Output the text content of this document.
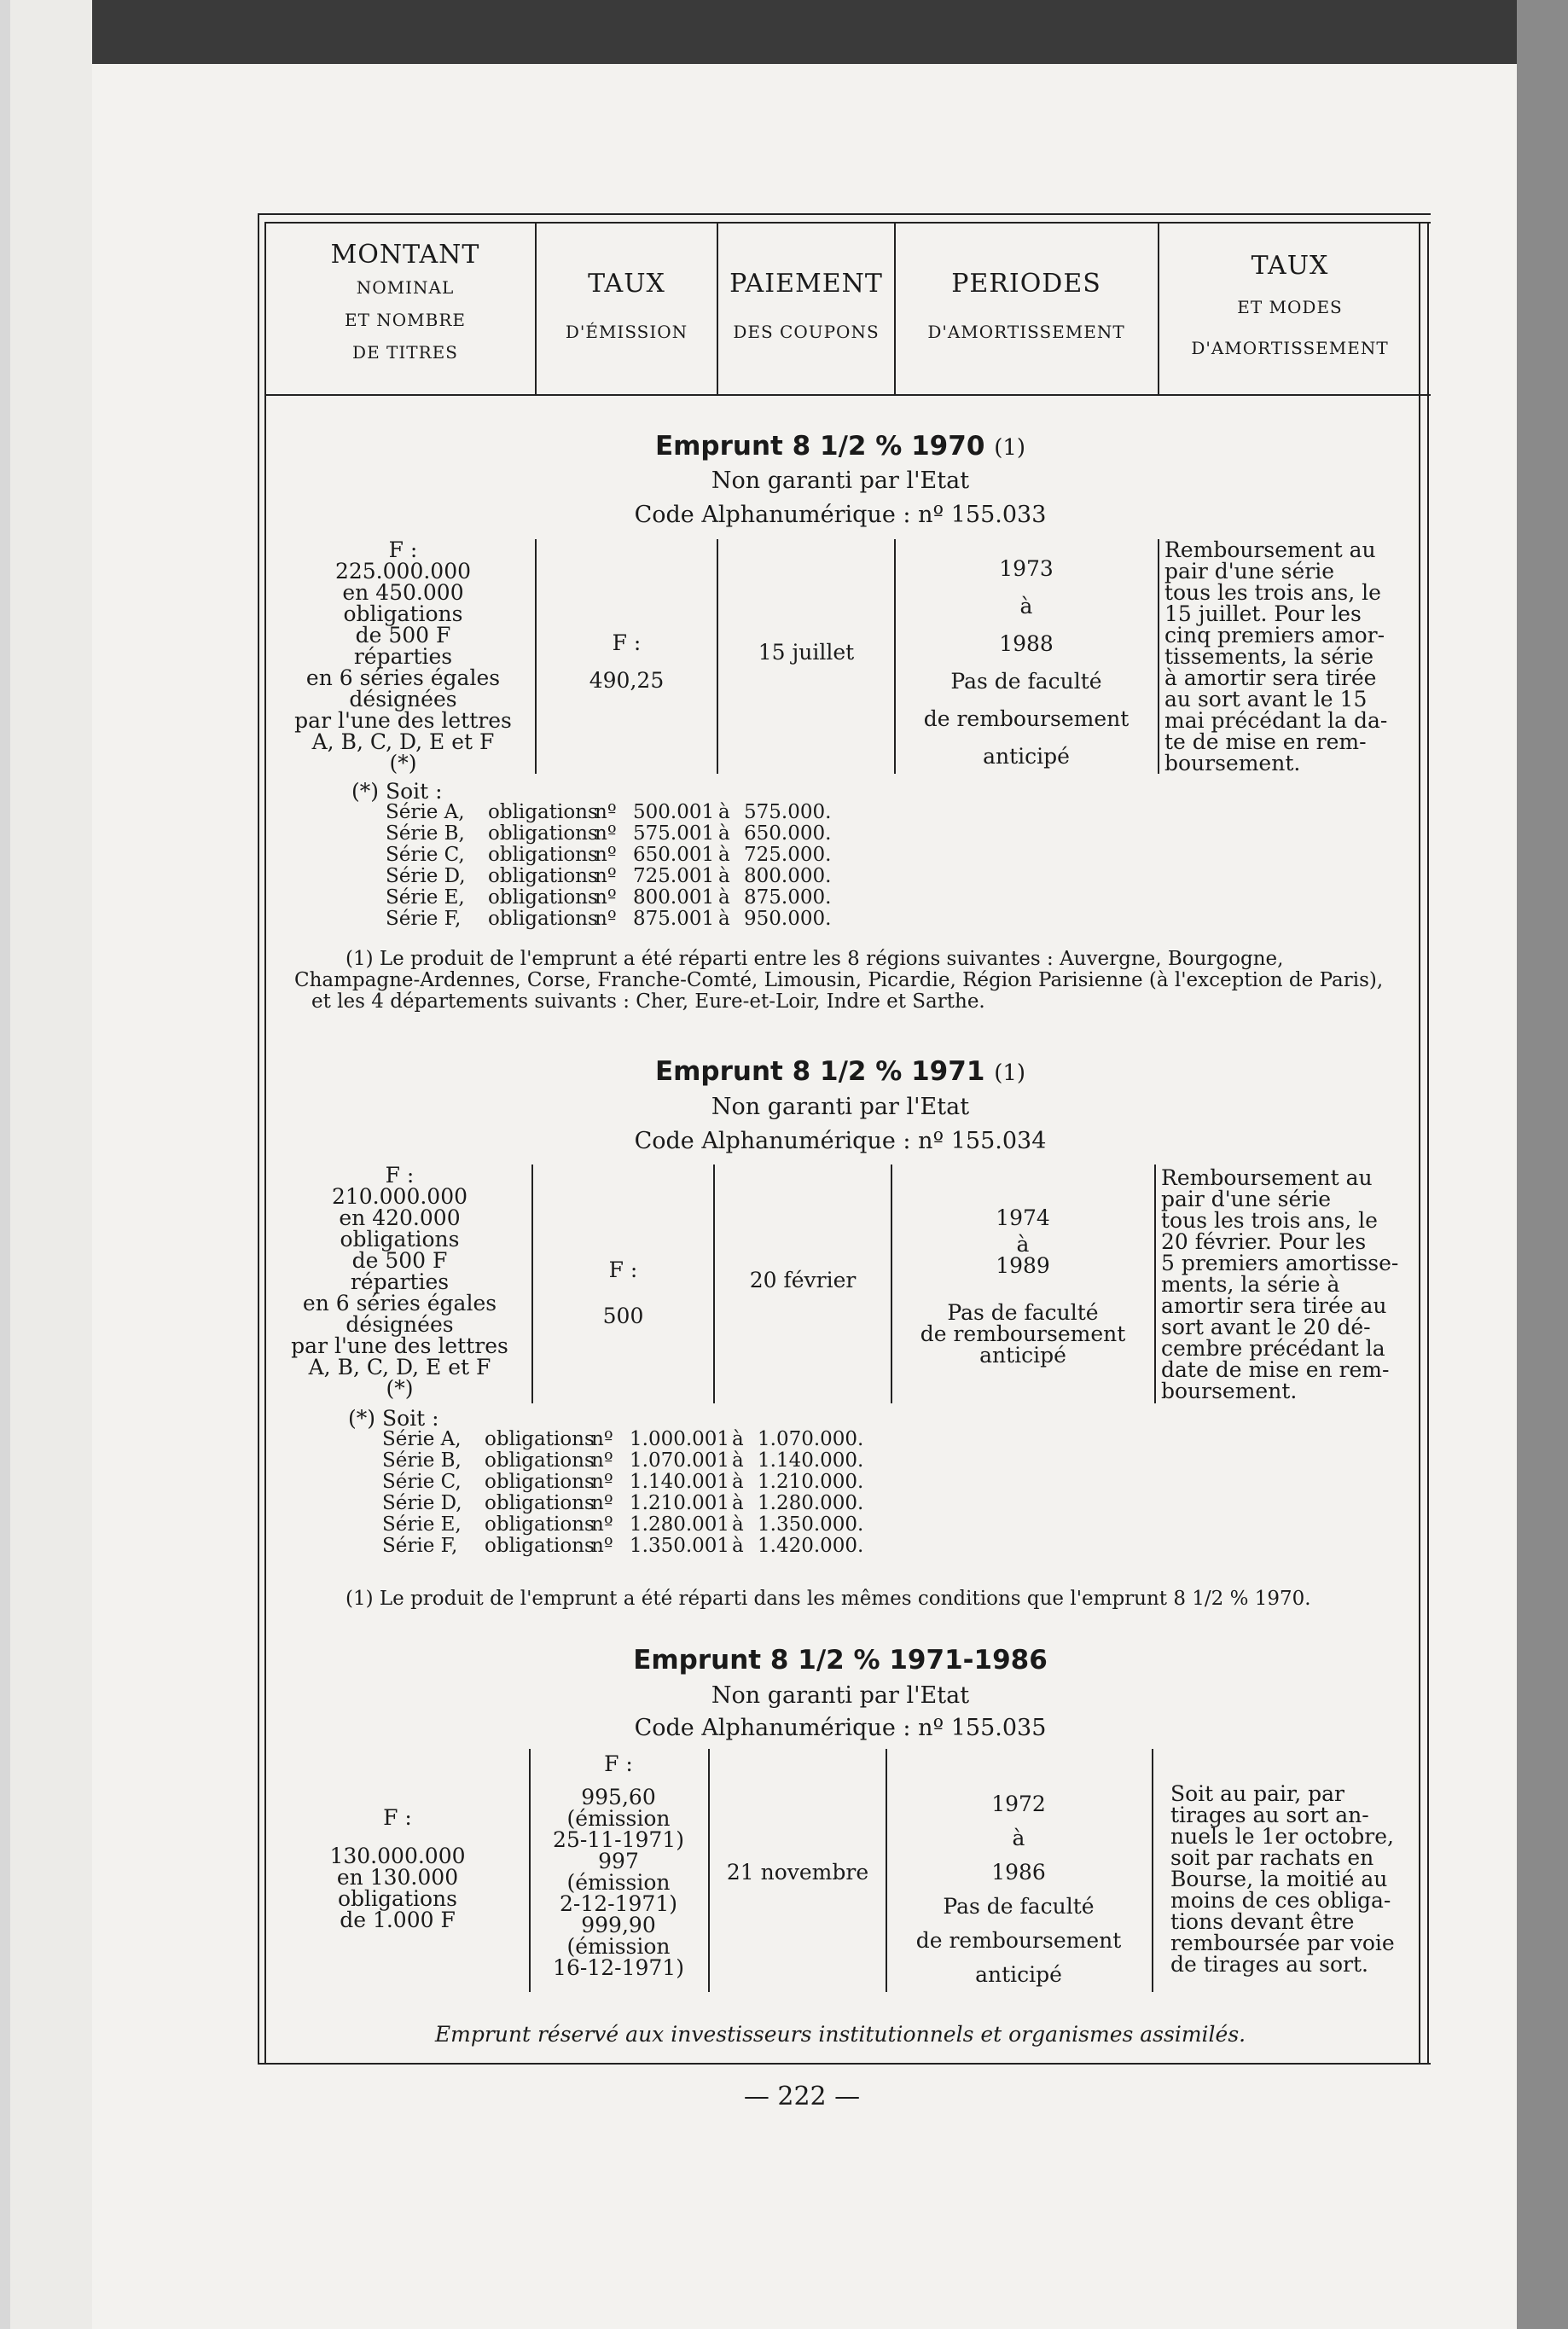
MONTANT
NOMINAL
ET NOMBRE
DE TITRES
TAUX
D'ÉMISSION
PAIEMENT
DES COUPONS
PERIODES
D'AMORTISSEMENT
TAUX
ET MODES
D'AMORTISSEMENT
Emprunt 8 1/2 % 1970 (1)
Non garanti par l'Etat
Code Alphanumérique : nº 155.033
F :
225.000.000
en 450.000
obligations
de 500 F
réparties
en 6 séries égales
désignées
par l'une des lettres
A, B, C, D, E et F
(*)
F :
490,25
15 juillet
1973
à
1988
Pas de faculté
de remboursement
anticipé
Remboursement au
pair d'une série
tous les trois ans, le
15 juillet. Pour les
cinq premiers amor-
tissements, la série
à amortir sera tirée
au sort avant le 15
mai précédant la da-
te de mise en rem-
boursement.
(*) Soit :
Série A, obligationsnº 500.001 à 575.000.
Série B, obligationsnº 575.001 à 650.000.
Série C, obligationsnº 650.001 à 725.000.
Série D, obligationsnº 725.001 à 800.000.
Série E, obligationsnº 800.001 à 875.000.
Série F, obligationsnº 875.001 à 950.000.
(1) Le produit de l'emprunt a été réparti entre les 8 régions suivantes : Auvergne, Bourgogne,
Champagne-Ardennes, Corse, Franche-Comté, Limousin, Picardie, Région Parisienne (à l'exception de Paris),
et les 4 départements suivants : Cher, Eure-et-Loir, Indre et Sarthe.
Emprunt 8 1/2 % 1971 (1)
Non garanti par l'Etat
Code Alphanumérique : nº 155.034
F :
210.000.000
en 420.000
obligations
de 500 F
réparties
en 6 séries égales
désignées
par l'une des lettres
A, B, C, D, E et F
(*)
F :
500
20 février
1974
à
1989
Pas de faculté
de remboursement
anticipé
Remboursement au
pair d'une série
tous les trois ans, le
20 février. Pour les
5 premiers amortisse-
ments, la série à
amortir sera tirée au
sort avant le 20 dé-
cembre précédant la
date de mise en rem-
boursement.
(*) Soit :
Série A, obligationsnº 1.000.001 à 1.070.000.
Série B, obligationsnº 1.070.001 à 1.140.000.
Série C, obligationsnº 1.140.001 à 1.210.000.
Série D, obligationsnº 1.210.001 à 1.280.000.
Série E, obligationsnº 1.280.001 à 1.350.000.
Série F, obligationsnº 1.350.001 à 1.420.000.
(1) Le produit de l'emprunt a été réparti dans les mêmes conditions que l'emprunt 8 1/2 % 1970.
Emprunt 8 1/2 % 1971-1986
Non garanti par l'Etat
Code Alphanumérique : nº 155.035
F :
130.000.000
en 130.000
obligations
de 1.000 F
F :
995,60
(émission
25-11-1971)
997
(émission
2-12-1971)
999,90
(émission
16-12-1971)
21 novembre
1972
à
1986
Pas de faculté
de remboursement
anticipé
Soit au pair, par
tirages au sort an-
nuels le 1er octobre,
soit par rachats en
Bourse, la moitié au
moins de ces obliga-
tions devant être
remboursée par voie
de tirages au sort.
Emprunt réservé aux investisseurs institutionnels et organismes assimilés.
— 222 —
